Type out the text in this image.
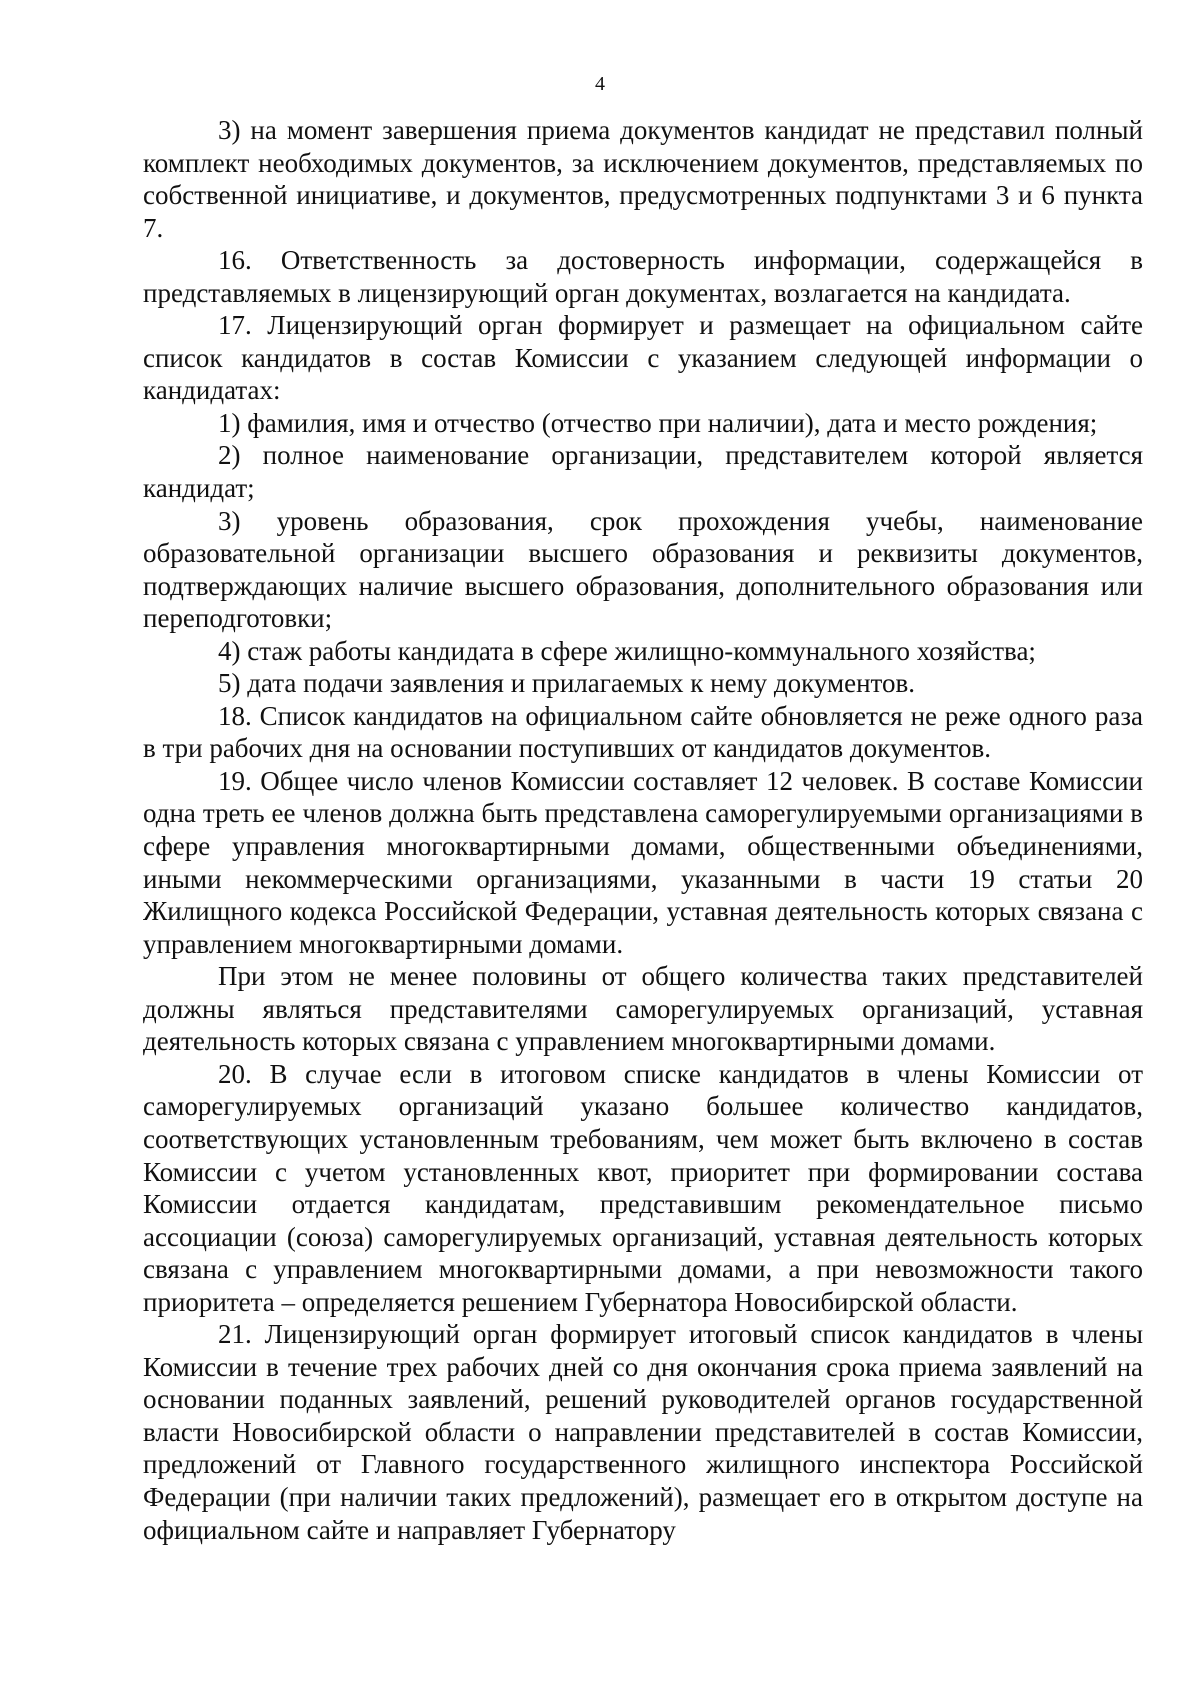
4

3) на момент завершения приема документов кандидат не представил полный комплект необходимых документов, за исключением документов, представляемых по собственной инициативе, и документов, предусмотренных подпунктами 3 и 6 пункта 7.

16. Ответственность за достоверность информации, содержащейся в представляемых в лицензирующий орган документах, возлагается на кандидата.

17. Лицензирующий орган формирует и размещает на официальном сайте список кандидатов в состав Комиссии с указанием следующей информации о кандидатах:

1) фамилия, имя и отчество (отчество при наличии), дата и место рождения;

2) полное наименование организации, представителем которой является кандидат;

3) уровень образования, срок прохождения учебы, наименование образовательной организации высшего образования и реквизиты документов, подтверждающих наличие высшего образования, дополнительного образования или переподготовки;

4) стаж работы кандидата в сфере жилищно-коммунального хозяйства;

5) дата подачи заявления и прилагаемых к нему документов.

18. Список кандидатов на официальном сайте обновляется не реже одного раза в три рабочих дня на основании поступивших от кандидатов документов.

19. Общее число членов Комиссии составляет 12 человек. В составе Комиссии одна треть ее членов должна быть представлена саморегулируемыми организациями в сфере управления многоквартирными домами, общественными объединениями, иными некоммерческими организациями, указанными в части 19 статьи 20 Жилищного кодекса Российской Федерации, уставная деятельность которых связана с управлением многоквартирными домами.

При этом не менее половины от общего количества таких представителей должны являться представителями саморегулируемых организаций, уставная деятельность которых связана с управлением многоквартирными домами.

20. В случае если в итоговом списке кандидатов в члены Комиссии от саморегулируемых организаций указано большее количество кандидатов, соответствующих установленным требованиям, чем может быть включено в состав Комиссии с учетом установленных квот, приоритет при формировании состава Комиссии отдается кандидатам, представившим рекомендательное письмо ассоциации (союза) саморегулируемых организаций, уставная деятельность которых связана с управлением многоквартирными домами, а при невозможности такого приоритета – определяется решением Губернатора Новосибирской области.

21. Лицензирующий орган формирует итоговый список кандидатов в члены Комиссии в течение трех рабочих дней со дня окончания срока приема заявлений на основании поданных заявлений, решений руководителей органов государственной власти Новосибирской области о направлении представителей в состав Комиссии, предложений от Главного государственного жилищного инспектора Российской Федерации (при наличии таких предложений), размещает его в открытом доступе на официальном сайте и направляет Губернатору
